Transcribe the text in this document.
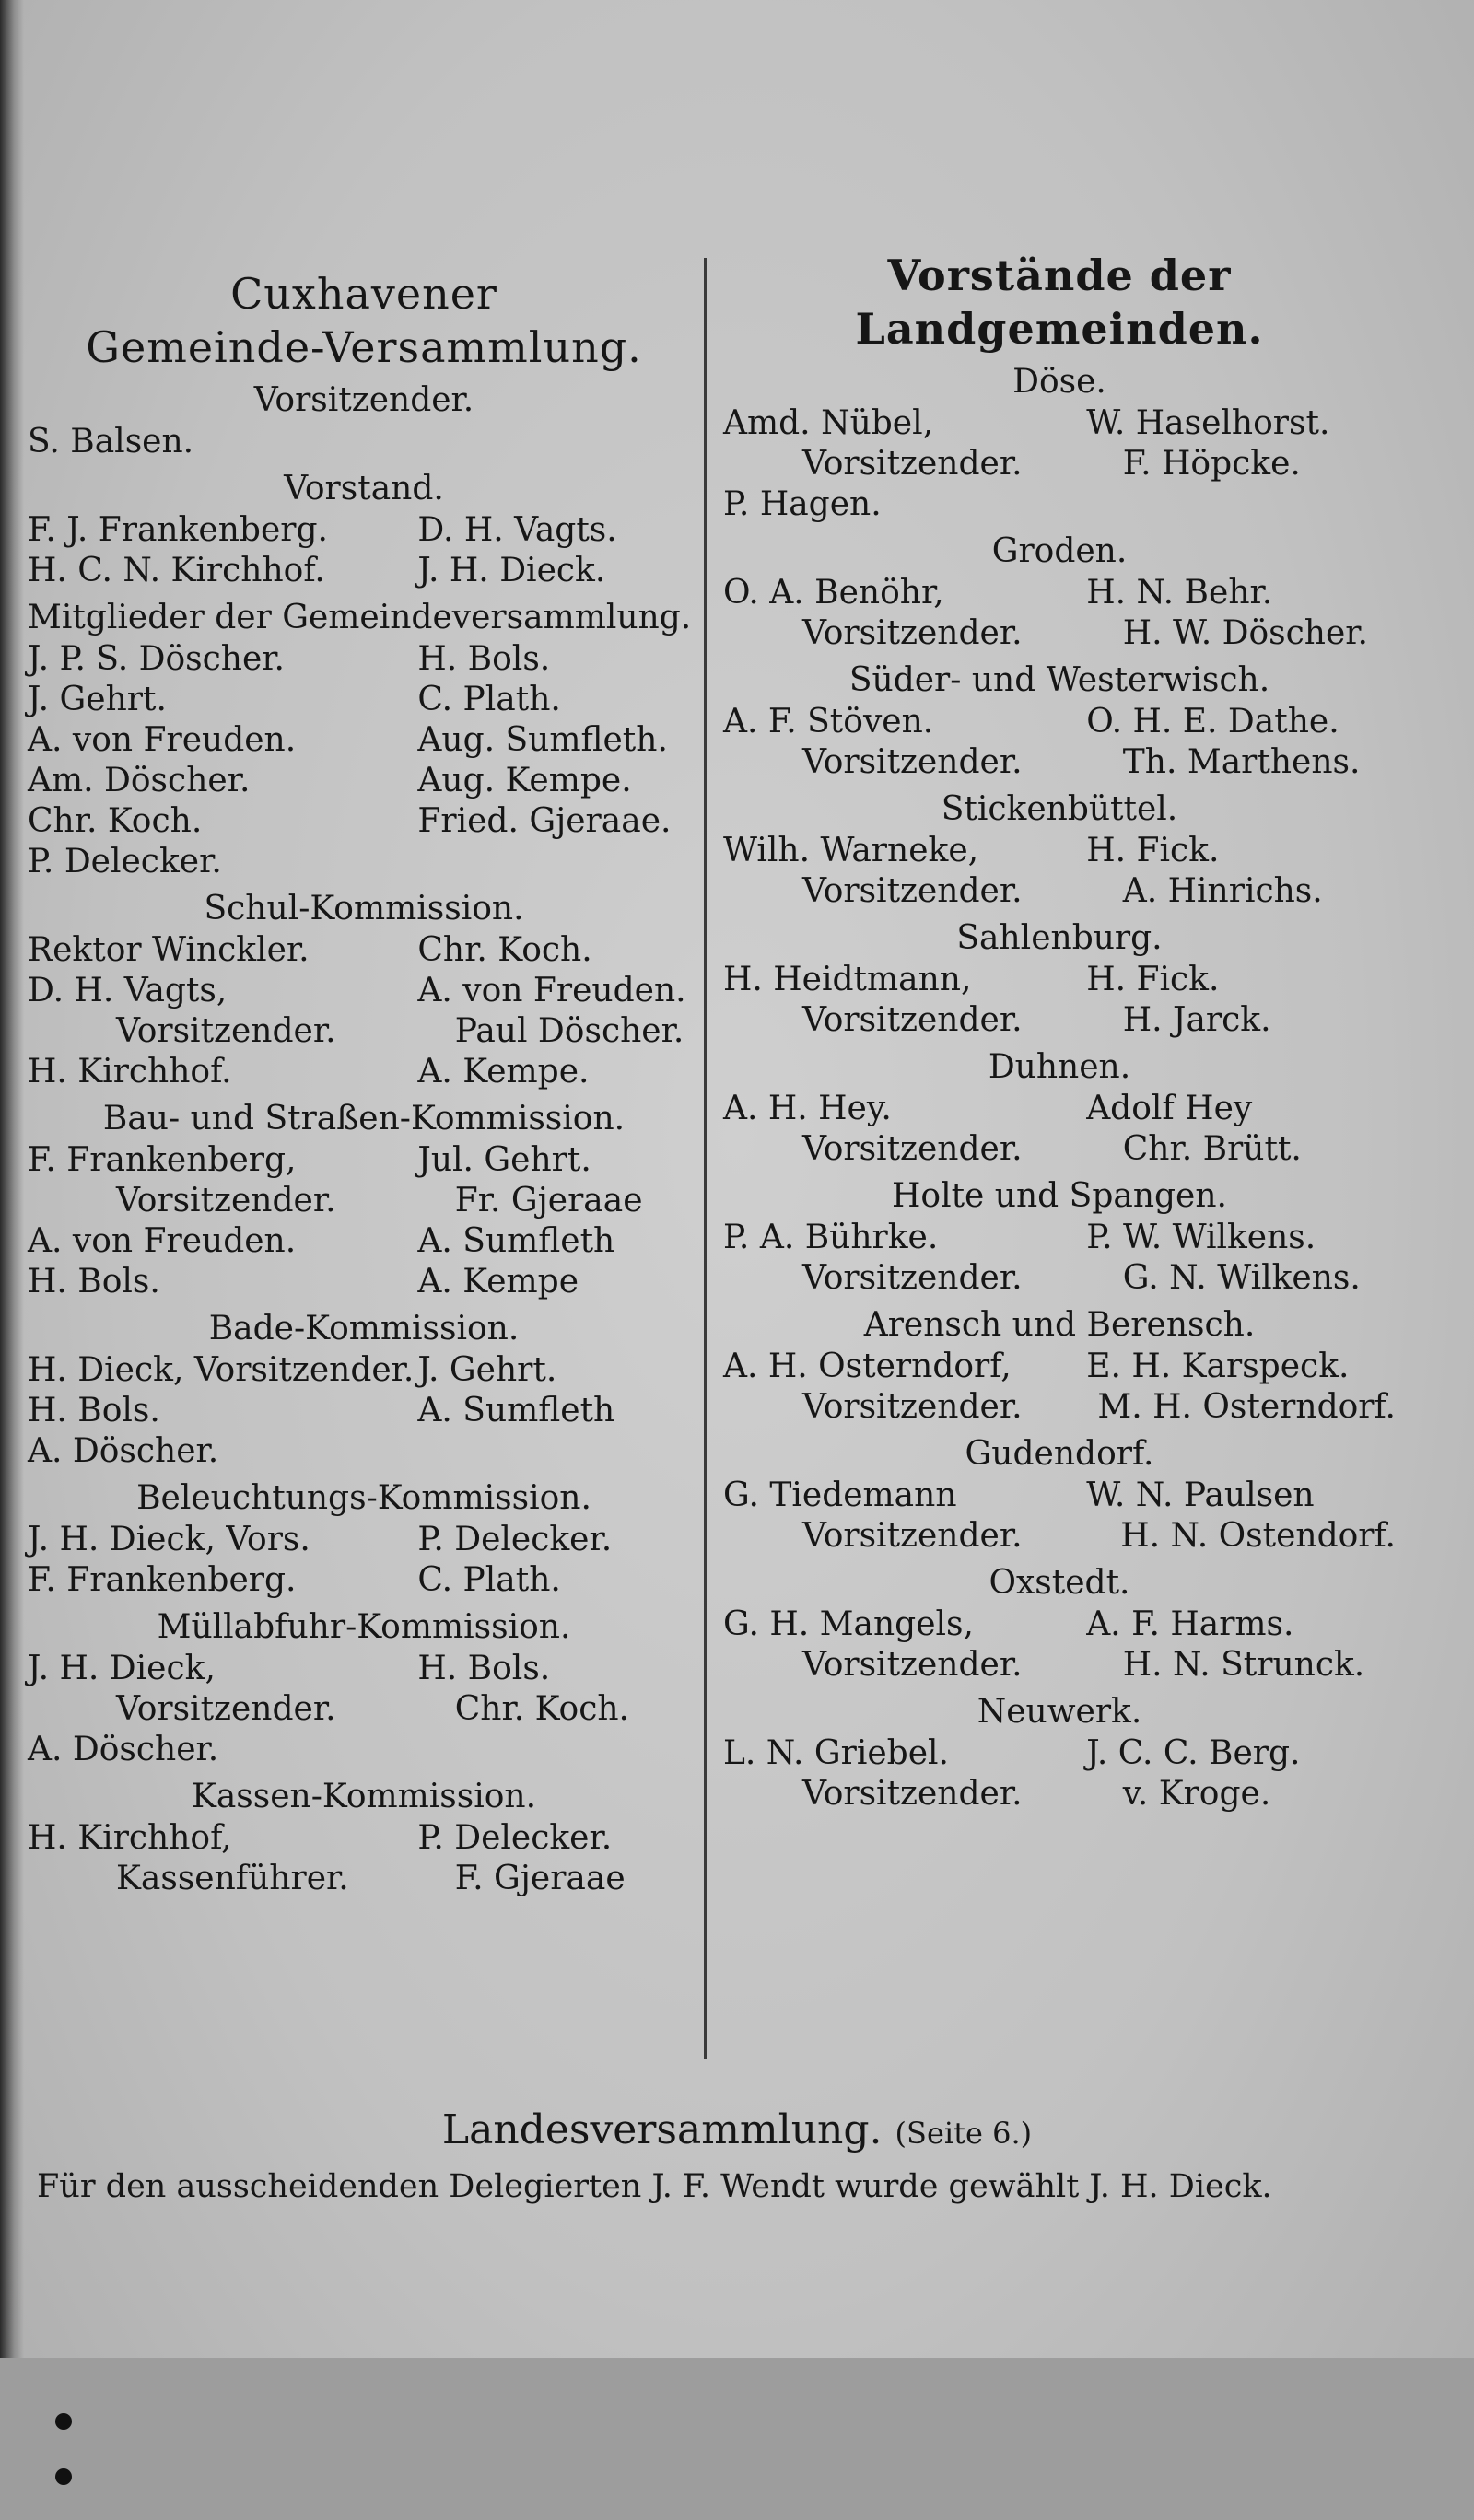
Cuxhavener
Gemeinde-Versammlung.
Vorsitzender.
S. Balsen.
Vorstand.
F. J. Frankenberg.	D. H. Vagts.
H. C. N. Kirchhof.	J. H. Dieck.
Mitglieder der Gemeindeversammlung.
J. P. S. Döscher.	H. Bols.
J. Gehrt.	C. Plath.
A. von Freuden.	Aug. Sumfleth.
Am. Döscher.	Aug. Kempe.
Chr. Koch.	Fried. Gjeraae.
P. Delecker.
Schul-Kommission.
Rektor Winckler.	Chr. Koch.
D. H. Vagts,	A. von Freuden.
Vorsitzender.	Paul Döscher.
H. Kirchhof.	A. Kempe.
Bau- und Straßen-Kommission.
F. Frankenberg,	Jul. Gehrt.
Vorsitzender.	Fr. Gjeraae
A. von Freuden.	A. Sumfleth
H. Bols.	A. Kempe
Bade-Kommission.
H. Dieck, Vorsitzender. J. Gehrt.
H. Bols.	A. Sumfleth
A. Döscher.
Beleuchtungs-Kommission.
J. H. Dieck, Vors.	P. Delecker.
F. Frankenberg.	C. Plath.
Müllabfuhr-Kommission.
J. H. Dieck,	H. Bols.
Vorsitzender.	Chr. Koch.
A. Döscher.
Kassen-Kommission.
H. Kirchhof,	P. Delecker.
Kassenführer.	F. Gjeraae
Vorstände der Landgemeinden.
Döse.
Amd. Nübel,	W. Haselhorst.
Vorsitzender.	F. Höpcke.
P. Hagen.
Groden.
O. A. Benöhr,	H. N. Behr.
Vorsitzender.	H. W. Döscher.
Süder- und Westerwisch.
A. F. Stöven.	O. H. E. Dathe.
Vorsitzender.	Th. Marthens.
Stickenbüttel.
Wilh. Warneke,	H. Fick.
Vorsitzender.	A. Hinrichs.
Sahlenburg.
H. Heidtmann,	H. Fick.
Vorsitzender.	H. Jarck.
Duhnen.
A. H. Hey.	Adolf Hey
Vorsitzender.	Chr. Brütt.
Holte und Spangen.
P. A. Bührke.	P. W. Wilkens.
Vorsitzender.	G. N. Wilkens.
Arensch und Berensch.
A. H. Osterndorf,	E. H. Karspeck.
Vorsitzender.	M. H. Osterndorf.
Gudendorf.
G. Tiedemann	W. N. Paulsen
Vorsitzender.	H. N. Ostendorf.
Oxstedt.
G. H. Mangels,	A. F. Harms.
Vorsitzender.	H. N. Strunck.
Neuwerk.
L. N. Griebel.	J. C. C. Berg.
Vorsitzender.	v. Kroge.
Landesversammlung. (Seite 6.)
Für den ausscheidenden Delegierten J. F. Wendt wurde gewählt J. H. Dieck.
